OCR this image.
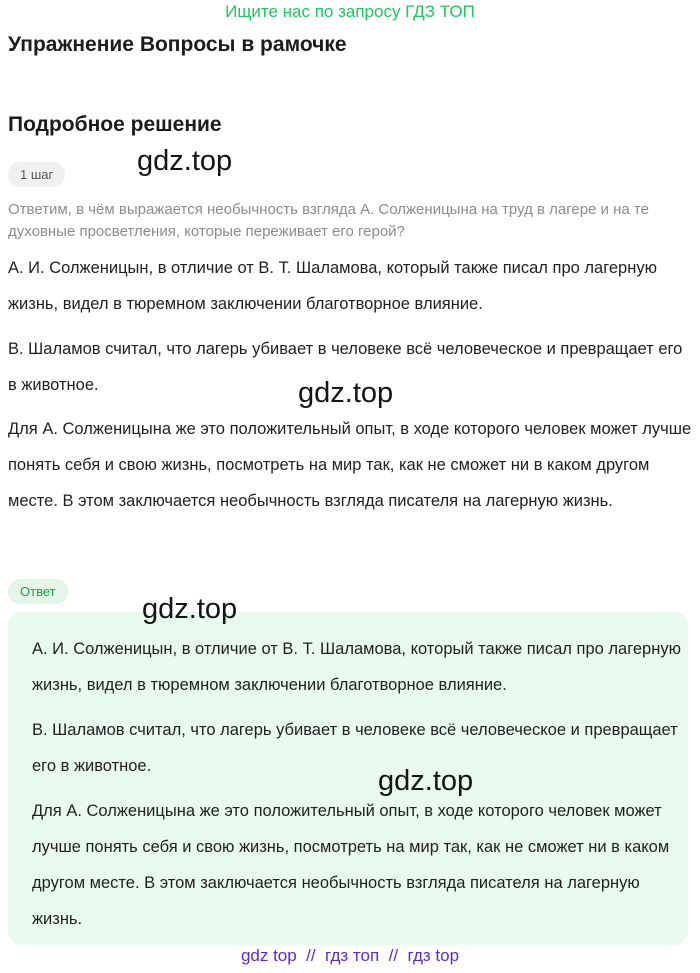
Ищите нас по запросу ГДЗ ТОП
Упражнение Вопросы в рамочке
Подробное решение
1 шаг
Ответим, в чём выражается необычность взгляда А. Солженицына на труд в лагере и на те духовные просветления, которые переживает его герой?
А. И. Солженицын, в отличие от В. Т. Шаламова, который также писал про лагерную жизнь, видел в тюремном заключении благотворное влияние.
В. Шаламов считал, что лагерь убивает в человеке всё человеческое и превращает его в животное.
Для А. Солженицына же это положительный опыт, в ходе которого человек может лучше понять себя и свою жизнь, посмотреть на мир так, как не сможет ни в каком другом месте. В этом заключается необычность взгляда писателя на лагерную жизнь.
Ответ
А. И. Солженицын, в отличие от В. Т. Шаламова, который также писал про лагерную жизнь, видел в тюремном заключении благотворное влияние.
В. Шаламов считал, что лагерь убивает в человеке всё человеческое и превращает его в животное.
Для А. Солженицына же это положительный опыт, в ходе которого человек может лучше понять себя и свою жизнь, посмотреть на мир так, как не сможет ни в каком другом месте. В этом заключается необычность взгляда писателя на лагерную жизнь.
gdz.top
gdz.top
gdz.top
gdz.top
gdz top  //  гдз топ  //  гдз top
